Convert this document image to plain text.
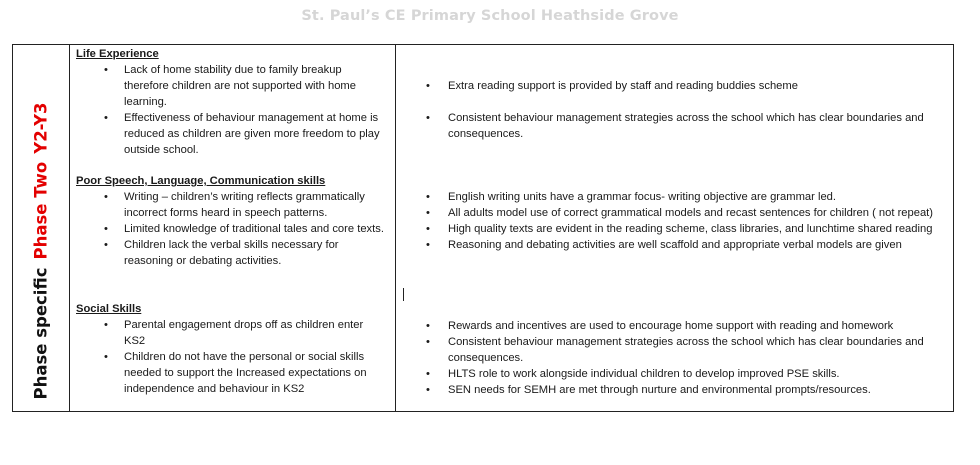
St. Paul’s CE Primary School Heathside Grove
Phase specificPhase TwoY2-Y3
Life Experience
• Lack of home stability due to family breakup therefore children are not supported with home learning.
• Effectiveness of behaviour management at home is reduced as children are given more freedom to play outside school.
Poor Speech, Language, Communication skills
• Writing – children’s writing reflects grammatically incorrect forms heard in speech patterns.
• Limited knowledge of traditional tales and core texts.
• Children lack the verbal skills necessary for reasoning or debating activities.
Social Skills
• Parental engagement drops off as children enter KS2
• Children do not have the personal or social skills needed to support the Increased expectations on independence and behaviour in KS2
• Extra reading support is provided by staff and reading buddies scheme
• Consistent behaviour management strategies across the school which has clear boundaries and consequences.
• English writing units have a grammar focus- writing objective are grammar led.
• All adults model use of correct grammatical models and recast sentences for children ( not repeat)
• High quality texts are evident in the reading scheme, class libraries, and lunchtime shared reading
• Reasoning and debating activities are well scaffold and appropriate verbal models are given
• Rewards and incentives are used to encourage home support with reading and homework
• Consistent behaviour management strategies across the school which has clear boundaries and consequences.
• HLTS role to work alongside individual children to develop improved PSE skills.
• SEN needs for SEMH are met through nurture and environmental prompts/resources.
